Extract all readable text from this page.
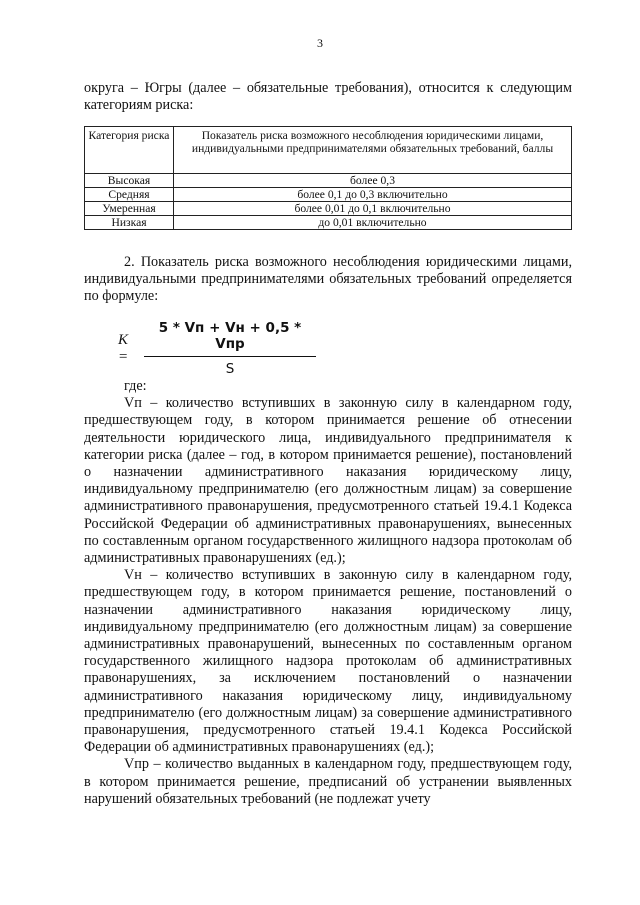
3

округа – Югры (далее – обязательные требования), относится к следующим категориям риска:

Категория риска	Показатель риска возможного несоблюдения юридическими лицами, индивидуальными предпринимателями обязательных требований, баллы
Высокая	более 0,3
Средняя	более 0,1 до 0,3 включительно
Умеренная	более 0,01 до 0,1 включительно
Низкая	до 0,01 включительно

2. Показатель риска возможного несоблюдения юридическими лицами, индивидуальными предпринимателями обязательных требований определяется по формуле:

K =
5 * Vп + Vн + 0,5 * Vпр
S

где:

Vп – количество вступивших в законную силу в календарном году, предшествующем году, в котором принимается решение об отнесении деятельности юридического лица, индивидуального предпринимателя к категории риска (далее – год, в котором принимается решение), постановлений о назначении административного наказания юридическому лицу, индивидуальному предпринимателю (его должностным лицам) за совершение административного правонарушения, предусмотренного статьей 19.4.1 Кодекса Российской Федерации об административных правонарушениях, вынесенных по составленным органом государственного жилищного надзора протоколам об административных правонарушениях (ед.);

Vн – количество вступивших в законную силу в календарном году, предшествующем году, в котором принимается решение, постановлений о назначении административного наказания юридическому лицу, индивидуальному предпринимателю (его должностным лицам) за совершение административных правонарушений, вынесенных по составленным органом государственного жилищного надзора протоколам об административных правонарушениях, за исключением постановлений о назначении административного наказания юридическому лицу, индивидуальному предпринимателю (его должностным лицам) за совершение административного правонарушения, предусмотренного статьей 19.4.1 Кодекса Российской Федерации об административных правонарушениях (ед.);

Vпр – количество выданных в календарном году, предшествующем году, в котором принимается решение, предписаний об устранении выявленных нарушений обязательных требований (не подлежат учету
